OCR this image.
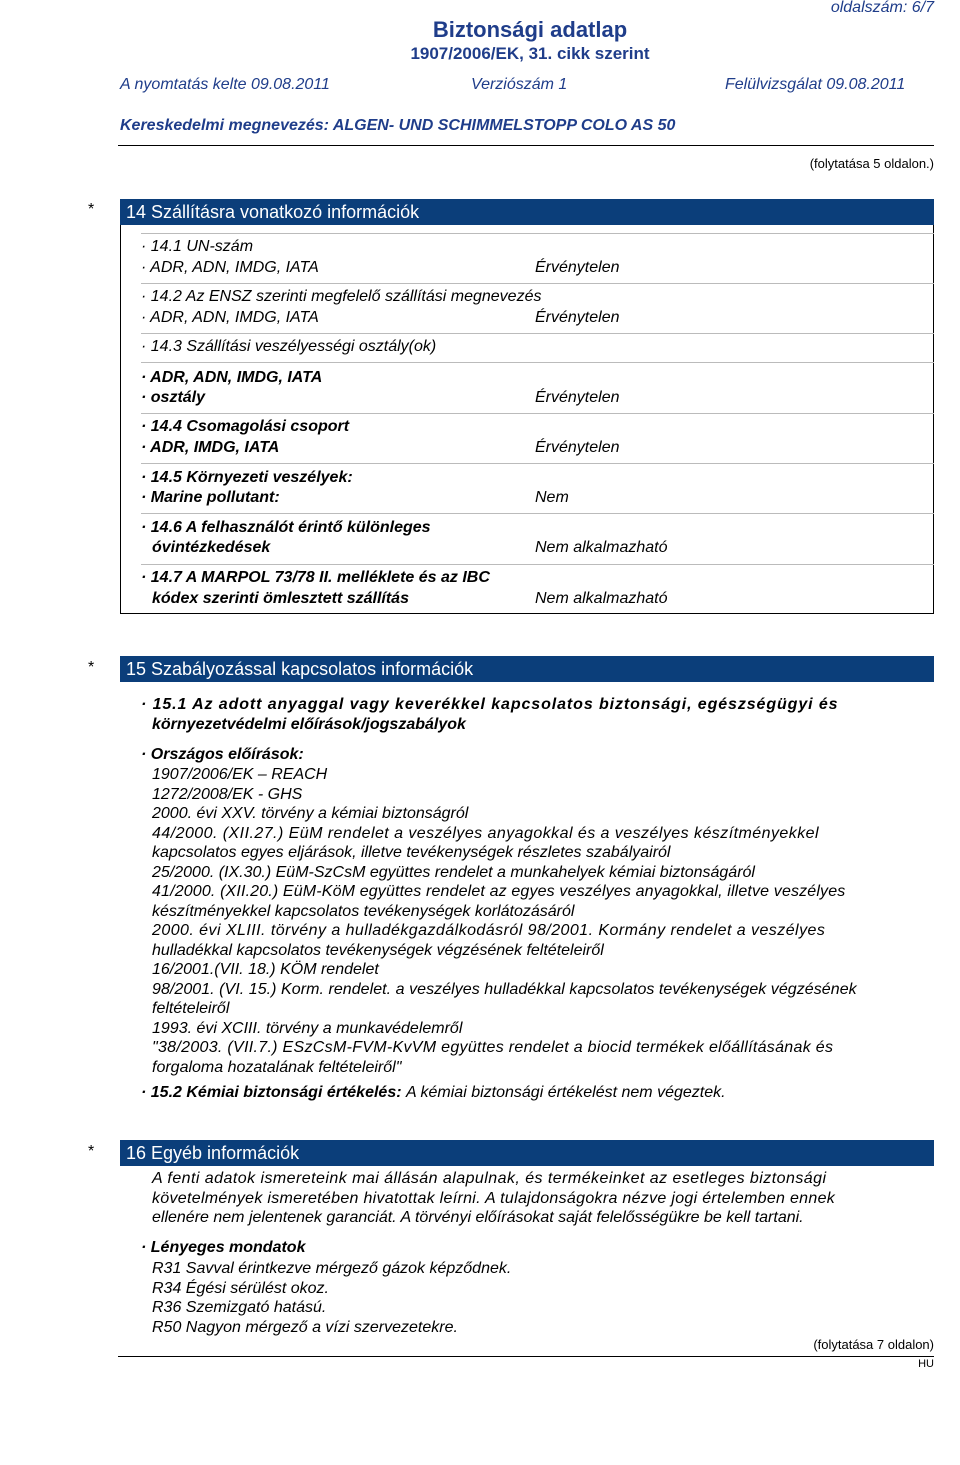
oldalszám: 6/7
Biztonsági adatlap
1907/2006/EK, 31. cikk szerint
A nyomtatás kelte 09.08.2011	Verziószám 1	Felülvizsgálat 09.08.2011
Kereskedelmi megnevezés: ALGEN- UND SCHIMMELSTOPP COLO AS 50
(folytatása 5 oldalon.)
*	14 Szállításra vonatkozó információk
· 14.1 UN-szám
· ADR, ADN, IMDG, IATA	Érvénytelen
· 14.2 Az ENSZ szerinti megfelelő szállítási megnevezés
· ADR, ADN, IMDG, IATA	Érvénytelen
· 14.3 Szállítási veszélyességi osztály(ok)
· ADR, ADN, IMDG, IATA
· osztály	Érvénytelen
· 14.4 Csomagolási csoport
· ADR, IMDG, IATA	Érvénytelen
· 14.5 Környezeti veszélyek:
· Marine pollutant:	Nem
· 14.6 A felhasználót érintő különleges
óvintézkedések	Nem alkalmazható
· 14.7 A MARPOL 73/78 II. melléklete és az IBC
kódex szerinti ömlesztett szállítás	Nem alkalmazható
*	15 Szabályozással kapcsolatos információk
· 15.1 Az adott anyaggal vagy keverékkel kapcsolatos biztonsági, egészségügyi és
környezetvédelmi előírások/jogszabályok
· Országos előírások:
1907/2006/EK – REACH
1272/2008/EK - GHS
2000. évi XXV. törvény a kémiai biztonságról
44/2000. (XII.27.) EüM rendelet a veszélyes anyagokkal és a veszélyes készítményekkel
kapcsolatos egyes eljárások, illetve tevékenységek részletes szabályairól
25/2000. (IX.30.) EüM-SzCsM együttes rendelet a munkahelyek kémiai biztonságáról
41/2000. (XII.20.) EüM-KöM együttes rendelet az egyes veszélyes anyagokkal, illetve veszélyes
készítményekkel kapcsolatos tevékenységek korlátozásáról
2000. évi XLIII. törvény a hulladékgazdálkodásról 98/2001. Kormány rendelet a veszélyes
hulladékkal kapcsolatos tevékenységek végzésének feltételeiről
16/2001.(VII. 18.) KÖM rendelet
98/2001. (VI. 15.) Korm. rendelet. a veszélyes hulladékkal kapcsolatos tevékenységek végzésének
feltételeiről
1993. évi XCIII. törvény a munkavédelemről
"38/2003. (VII.7.) ESzCsM-FVM-KvVM együttes rendelet a biocid termékek előállításának és
forgaloma hozatalának feltételeiről"
· 15.2 Kémiai biztonsági értékelés: A kémiai biztonsági értékelést nem végeztek.
*	16 Egyéb információk
A fenti adatok ismereteink mai állásán alapulnak, és termékeinket az esetleges biztonsági
követelmények ismeretében hivatottak leírni. A tulajdonságokra nézve jogi értelemben ennek
ellenére nem jelentenek garanciát. A törvényi előírásokat saját felelősségükre be kell tartani.
· Lényeges mondatok
R31 Savval érintkezve mérgező gázok képződnek.
R34 Égési sérülést okoz.
R36 Szemizgató hatású.
R50 Nagyon mérgező a vízi szervezetekre.
(folytatása 7 oldalon)
HU
